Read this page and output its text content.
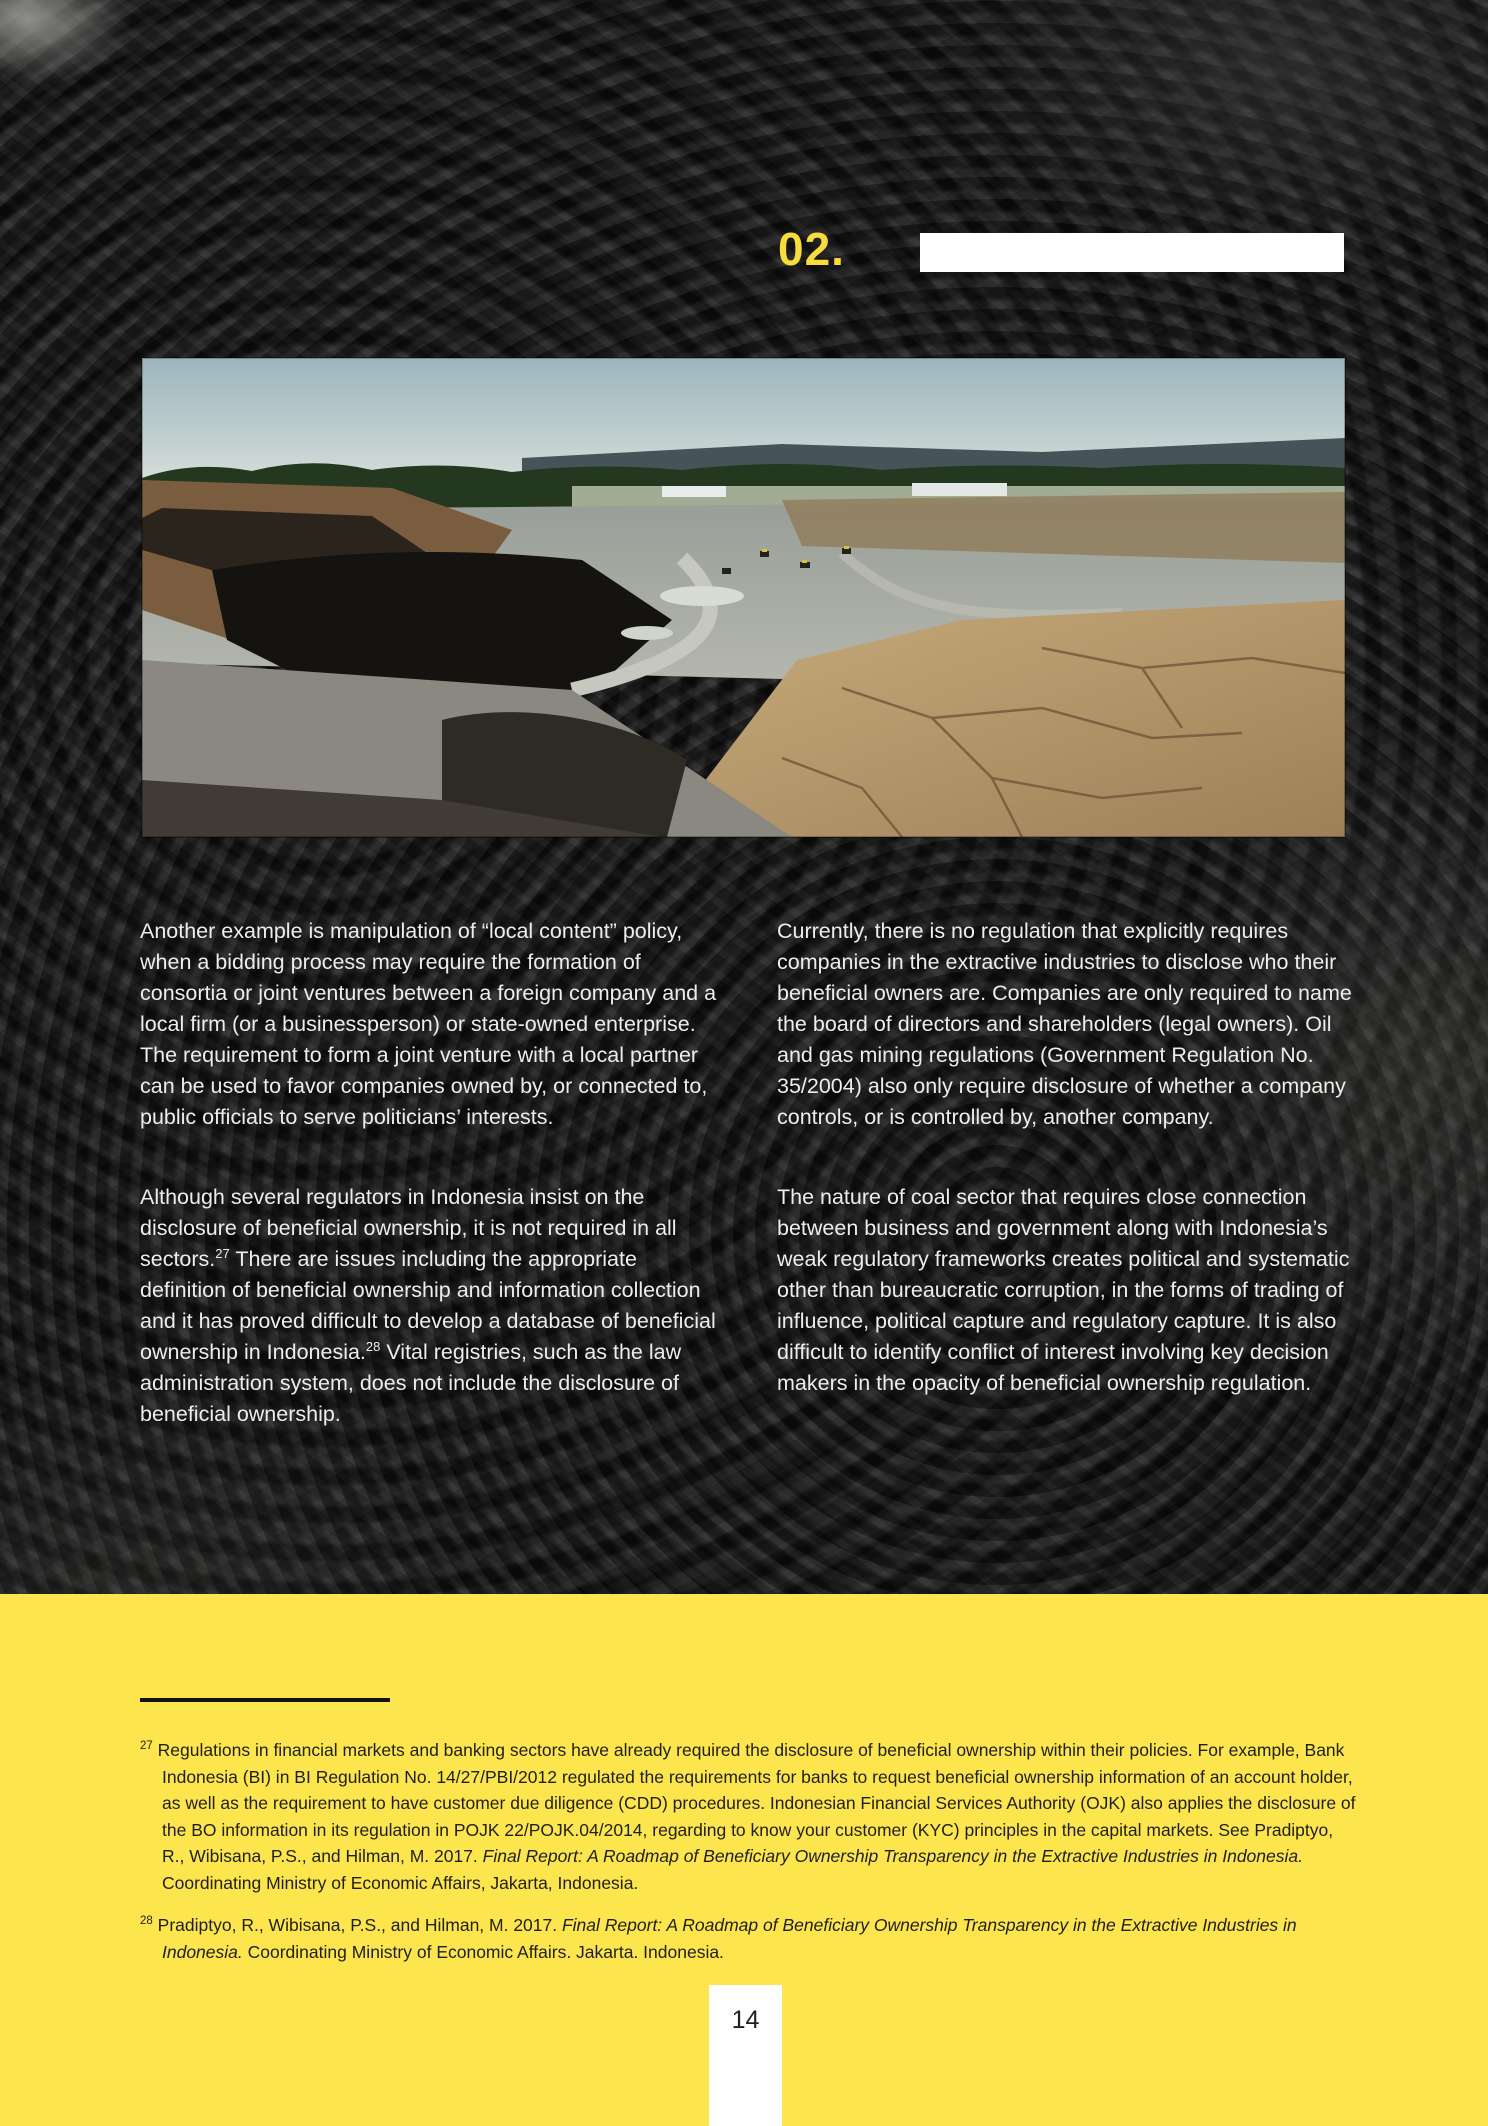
02.

Another example is manipulation of “local content” policy, when a bidding process may require the formation of consortia or joint ventures between a foreign company and a local firm (or a businessperson) or state-owned enterprise. The requirement to form a joint venture with a local partner can be used to favor companies owned by, or connected to, public officials to serve politicians’ interests.

Although several regulators in Indonesia insist on the disclosure of beneficial ownership, it is not required in all sectors.$^{27}$ There are issues including the appropriate definition of beneficial ownership and information collection and it has proved difficult to develop a database of beneficial ownership in Indonesia.$^{28}$ Vital registries, such as the law administration system, does not include the disclosure of beneficial ownership.

Currently, there is no regulation that explicitly requires companies in the extractive industries to disclose who their beneficial owners are. Companies are only required to name the board of directors and shareholders (legal owners). Oil and gas mining regulations (Government Regulation No. 35/2004) also only require disclosure of whether a company controls, or is controlled by, another company.

The nature of coal sector that requires close connection between business and government along with Indonesia’s weak regulatory frameworks creates political and systematic other than bureaucratic corruption, in the forms of trading of influence, political capture and regulatory capture. It is also difficult to identify conflict of interest involving key decision makers in the opacity of beneficial ownership regulation.

$^{27}$ Regulations in financial markets and banking sectors have already required the disclosure of beneficial ownership within their policies. For example, Bank Indonesia (BI) in BI Regulation No. 14/27/PBI/2012 regulated the requirements for banks to request beneficial ownership information of an account holder, as well as the requirement to have customer due diligence (CDD) procedures. Indonesian Financial Services Authority (OJK) also applies the disclosure of the BO information in its regulation in POJK 22/POJK.04/2014, regarding to know your customer (KYC) principles in the capital markets. See Pradiptyo, R., Wibisana, P.S., and Hilman, M. 2017. Final Report: A Roadmap of Beneficiary Ownership Transparency in the Extractive Industries in Indonesia. Coordinating Ministry of Economic Affairs, Jakarta, Indonesia.
$^{28}$ Pradiptyo, R., Wibisana, P.S., and Hilman, M. 2017. Final Report: A Roadmap of Beneficiary Ownership Transparency in the Extractive Industries in Indonesia. Coordinating Ministry of Economic Affairs. Jakarta. Indonesia.
14
